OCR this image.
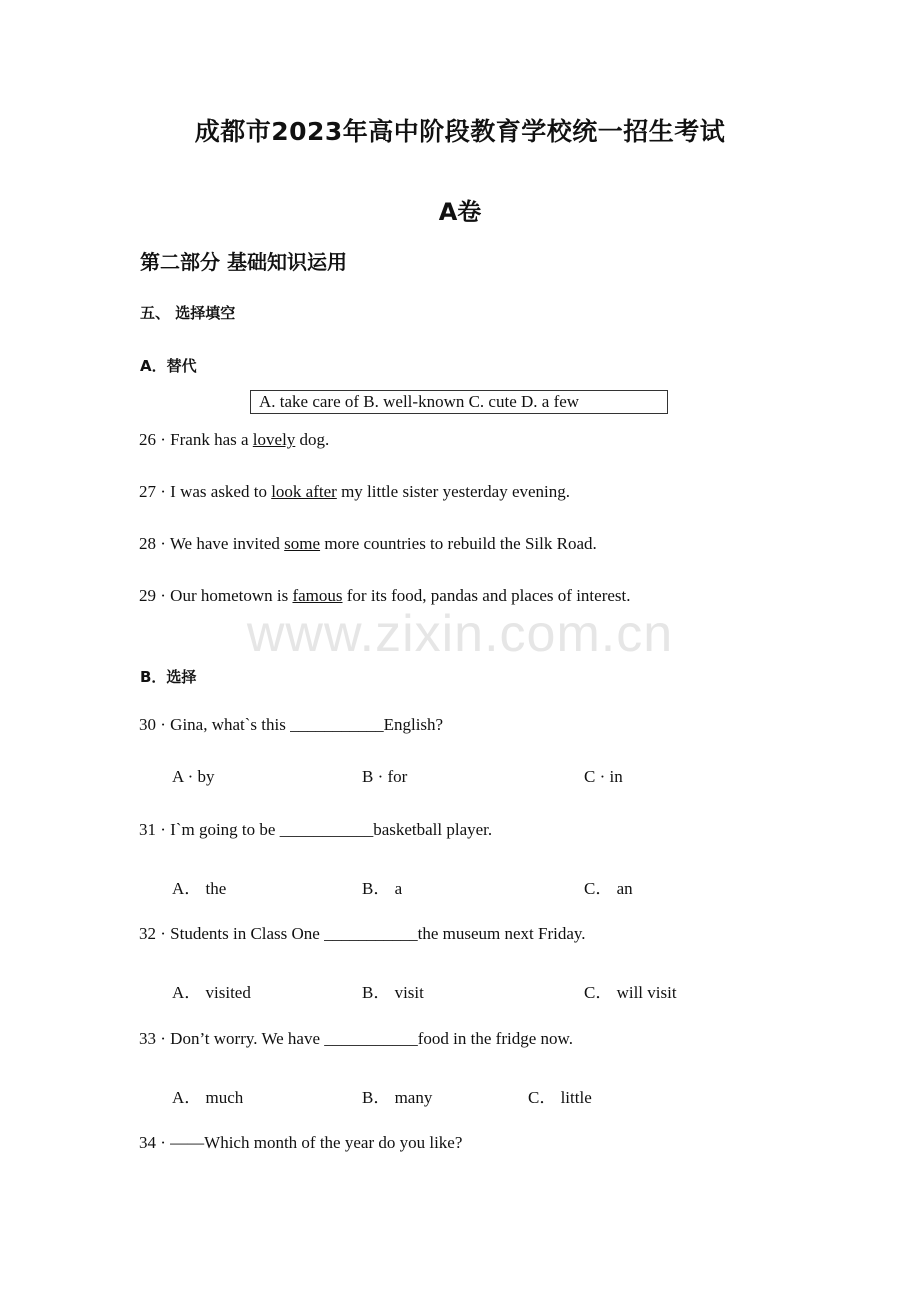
成都市2023年高中阶段教育学校统一招生考试
A卷
第二部分 基础知识运用
五、 选择填空
A．替代
A. take care of B. well-known C. cute D. a few
26 · Frank has a lovely dog.
27 · I was asked to look after my little sister yesterday evening.
28 · We have invited some more countries to rebuild the Silk Road.
29 · Our hometown is famous for its food, pandas and places of interest.
www.zixin.com.cn
B．选择
30 · Gina, what`s this ___________English?
A · by	B · for	C · in
31 · I`m going to be ___________basketball player.
A． the	B． a	C． an
32 · Students in Class One ___________the museum next Friday.
A． visited	B． visit	C． will visit
33 · Don’t worry. We have ___________food in the fridge now.
A． much	B． many	C． little
34 · ——Which month of the year do you like?
